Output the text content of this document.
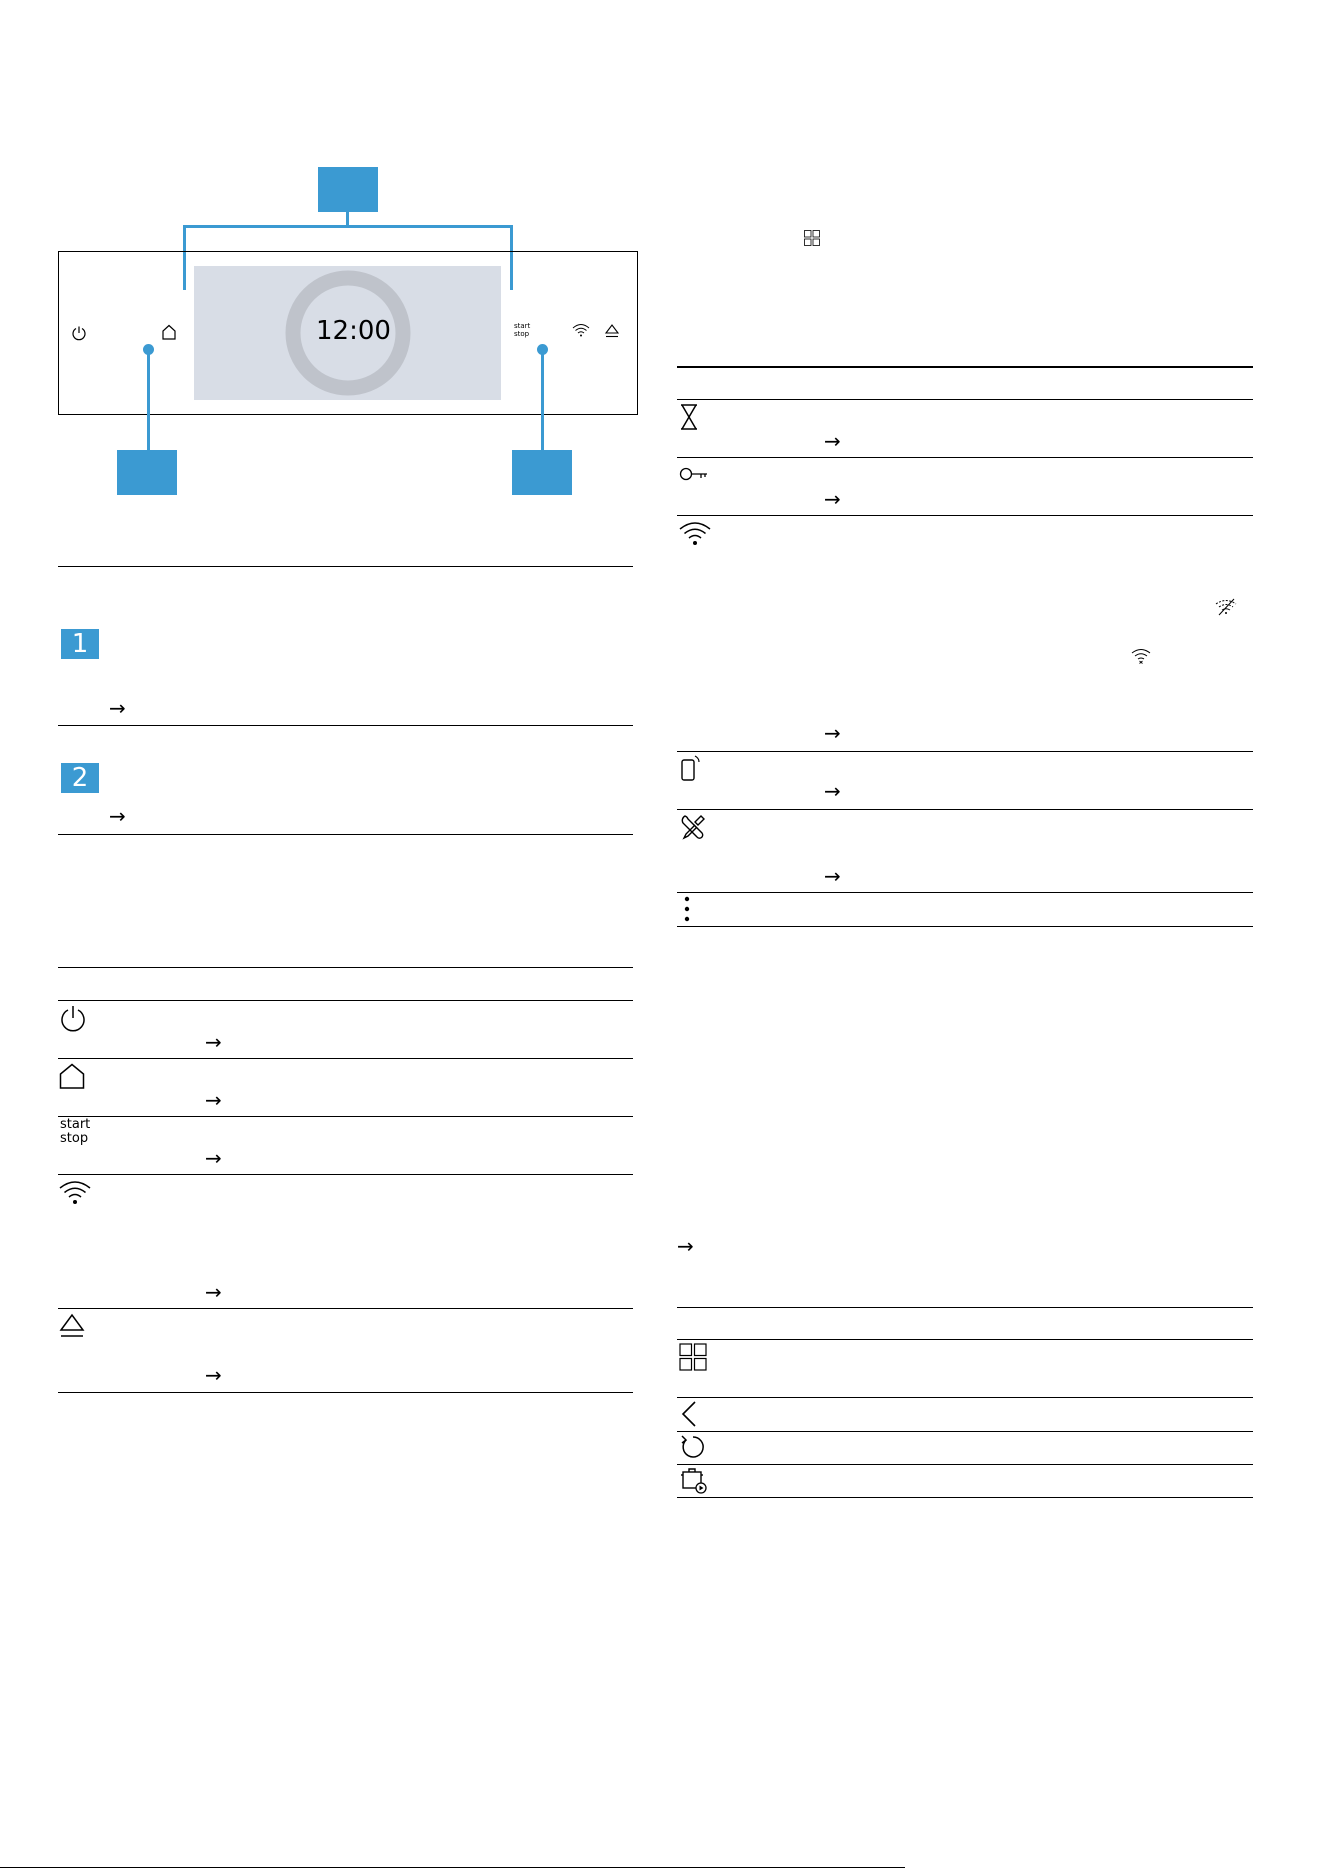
12:00	start
stop
1
→
2
→
→
→
start
stop
→
→
→
→
→
→
→
→
→
